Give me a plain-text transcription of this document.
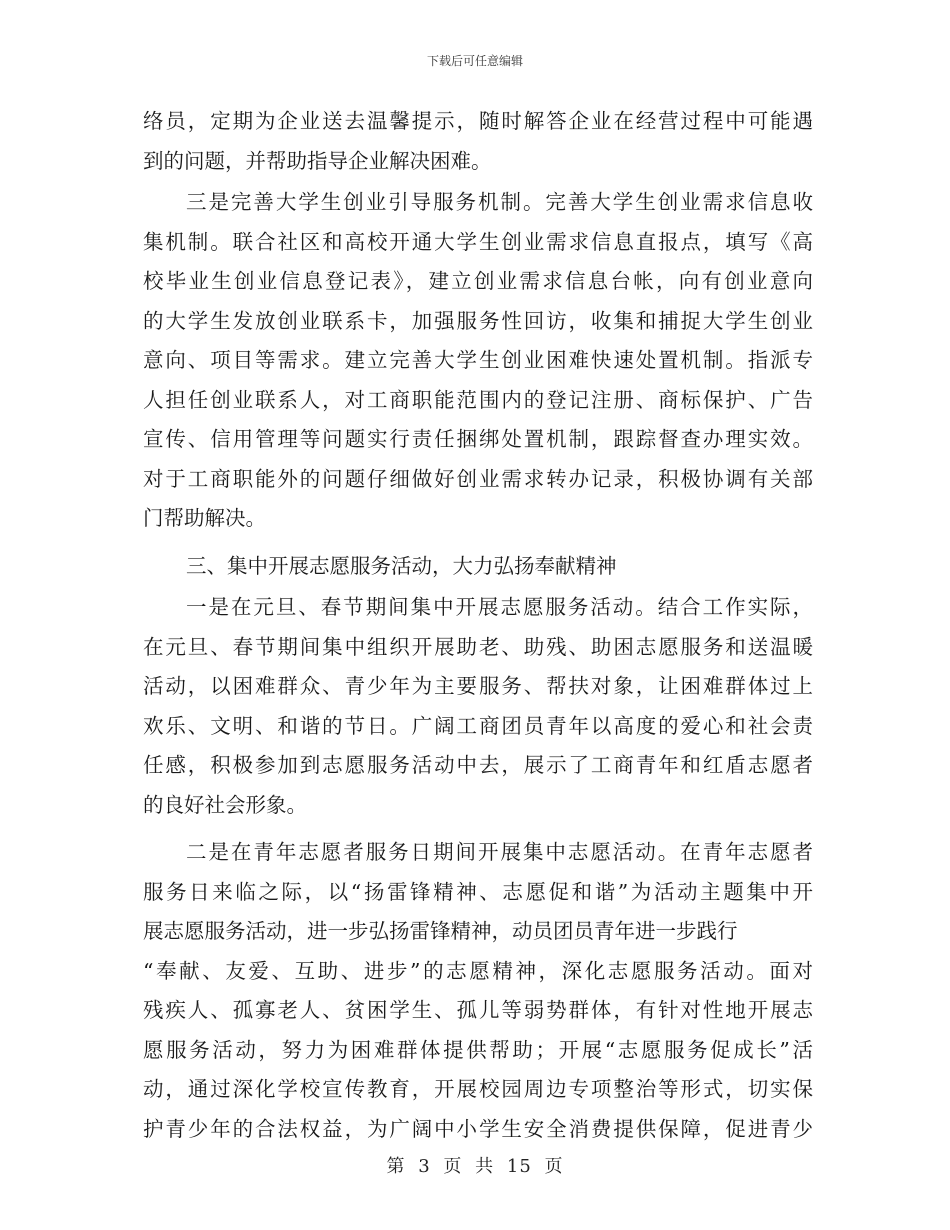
下载后可任意编辑
络员，定期为企业送去温馨提示，随时解答企业在经营过程中可能遇
到的问题，并帮助指导企业解决困难。
三是完善大学生创业引导服务机制。完善大学生创业需求信息收
集机制。联合社区和高校开通大学生创业需求信息直报点，填写《高
校毕业生创业信息登记表》，建立创业需求信息台帐，向有创业意向
的大学生发放创业联系卡，加强服务性回访，收集和捕捉大学生创业
意向、项目等需求。建立完善大学生创业困难快速处置机制。指派专
人担任创业联系人，对工商职能范围内的登记注册、商标保护、广告
宣传、信用管理等问题实行责任捆绑处置机制，跟踪督查办理实效。
对于工商职能外的问题仔细做好创业需求转办记录，积极协调有关部
门帮助解决。
三、集中开展志愿服务活动，大力弘扬奉献精神
一是在元旦、春节期间集中开展志愿服务活动。结合工作实际，
在元旦、春节期间集中组织开展助老、助残、助困志愿服务和送温暖
活动，以困难群众、青少年为主要服务、帮扶对象，让困难群体过上
欢乐、文明、和谐的节日。广阔工商团员青年以高度的爱心和社会责
任感，积极参加到志愿服务活动中去，展示了工商青年和红盾志愿者
的良好社会形象。
二是在青年志愿者服务日期间开展集中志愿活动。在青年志愿者
服务日来临之际，以“扬雷锋精神、志愿促和谐”为活动主题集中开
展志愿服务活动，进一步弘扬雷锋精神，动员团员青年进一步践行
“奉献、友爱、互助、进步”的志愿精神，深化志愿服务活动。面对
残疾人、孤寡老人、贫困学生、孤儿等弱势群体，有针对性地开展志
愿服务活动，努力为困难群体提供帮助；开展“志愿服务促成长”活
动，通过深化学校宣传教育，开展校园周边专项整治等形式，切实保
护青少年的合法权益，为广阔中小学生安全消费提供保障，促进青少
第 3 页 共 15 页
